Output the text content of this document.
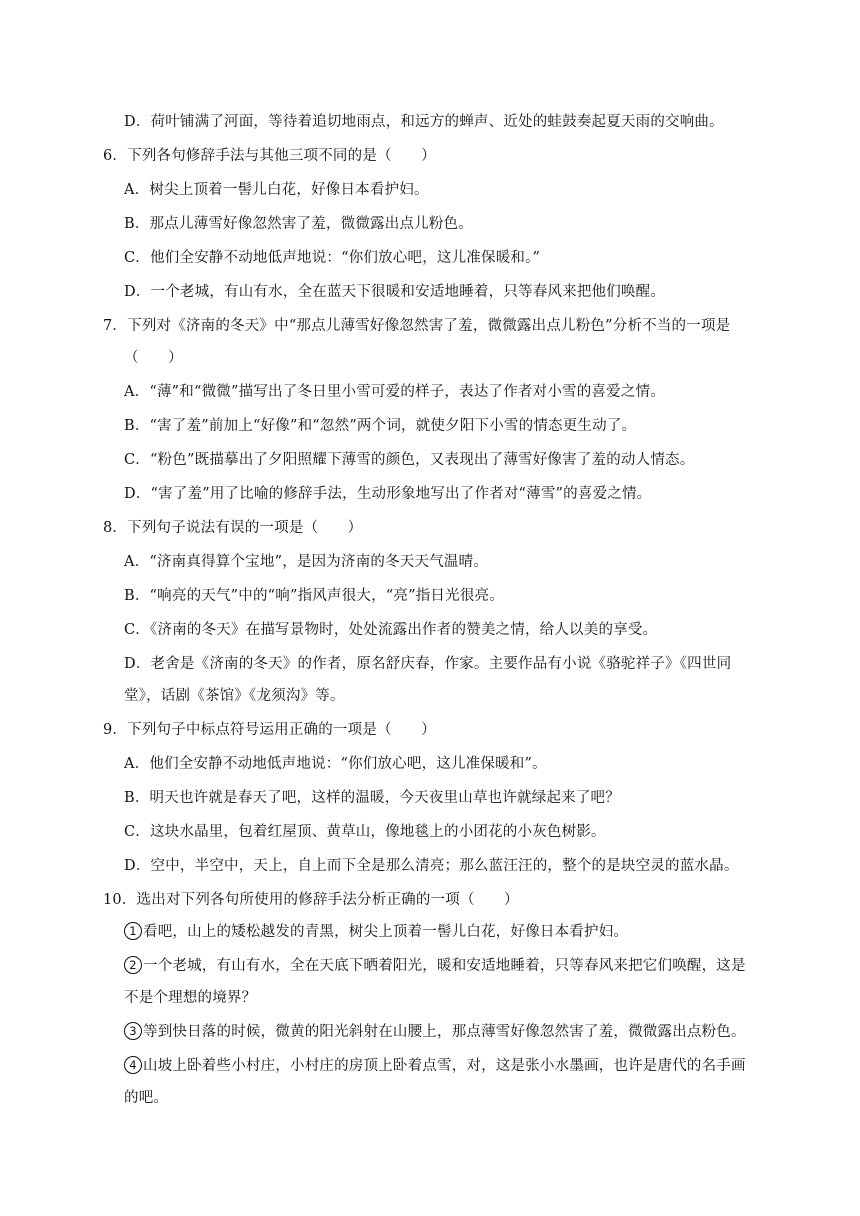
D．荷叶铺满了河面，等待着追切地雨点，和远方的蝉声、近处的蛙鼓奏起夏天雨的交响曲。
6．下列各句修辞手法与其他三项不同的是（　　）
A．树尖上顶着一髻儿白花，好像日本看护妇。
B．那点儿薄雪好像忽然害了羞，微微露出点儿粉色。
C．他们全安静不动地低声地说：“你们放心吧，这儿准保暖和。”
D．一个老城，有山有水，全在蓝天下很暖和安适地睡着，只等春风来把他们唤醒。
7．下列对《济南的冬天》中“那点儿薄雪好像忽然害了羞，微微露出点儿粉色”分析不当的一项是
（　　）
A．“薄”和“微微”描写出了冬日里小雪可爱的样子，表达了作者对小雪的喜爱之情。
B．“害了羞”前加上“好像”和“忽然”两个词，就使夕阳下小雪的情态更生动了。
C．“粉色”既描摹出了夕阳照耀下薄雪的颜色，又表现出了薄雪好像害了羞的动人情态。
D．“害了羞”用了比喻的修辞手法，生动形象地写出了作者对“薄雪”的喜爱之情。
8．下列句子说法有误的一项是（　　）
A．“济南真得算个宝地”，是因为济南的冬天天气温晴。
B．“响亮的天气”中的“响”指风声很大，“亮”指日光很亮。
C．《济南的冬天》在描写景物时，处处流露出作者的赞美之情，给人以美的享受。
D．老舍是《济南的冬天》的作者，原名舒庆春，作家。主要作品有小说《骆驼祥子》《四世同
堂》，话剧《茶馆》《龙须沟》等。
9．下列句子中标点符号运用正确的一项是（　　）
A．他们全安静不动地低声地说：“你们放心吧，这儿准保暖和”。
B．明天也许就是春天了吧，这样的温暖，今天夜里山草也许就绿起来了吧？
C．这块水晶里，包着红屋顶、黄草山，像地毯上的小团花的小灰色树影。
D．空中，半空中，天上，自上而下全是那么清亮；那么蓝汪汪的，整个的是块空灵的蓝水晶。
10．选出对下列各句所使用的修辞手法分析正确的一项（　　）
1 看吧，山上的矮松越发的青黑，树尖上顶着一髻儿白花，好像日本看护妇。
2 一个老城，有山有水，全在天底下晒着阳光，暖和安适地睡着，只等春风来把它们唤醒，这是
不是个理想的境界？
3 等到快日落的时候，微黄的阳光斜射在山腰上，那点薄雪好像忽然害了羞，微微露出点粉色。
4 山坡上卧着些小村庄，小村庄的房顶上卧着点雪，对，这是张小水墨画，也许是唐代的名手画
的吧。
